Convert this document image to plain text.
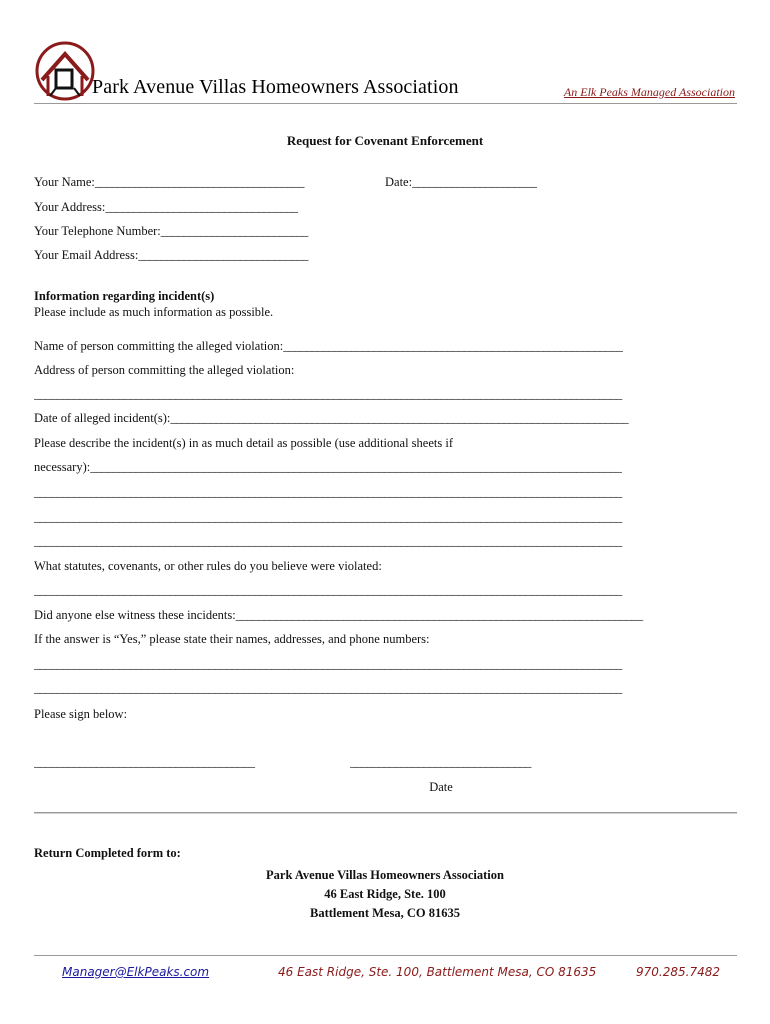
Park Avenue Villas Homeowners Association	An Elk Peaks Managed Association
Request for Covenant Enforcement
Your Name:_____________________________________	Date:______________________
Your Address:__________________________________
Your Telephone Number:__________________________
Your Email Address:______________________________
Information regarding incident(s)
Please include as much information as possible.
Name of person committing the alleged violation:____________________________________________________________
Address of person committing the alleged violation:
________________________________________________________________________________________________________
Date of alleged incident(s):_________________________________________________________________________________
Please describe the incident(s) in as much detail as possible (use additional sheets if
necessary):______________________________________________________________________________________________
________________________________________________________________________________________________________
________________________________________________________________________________________________________
________________________________________________________________________________________________________
What statutes, covenants, or other rules do you believe were violated:
________________________________________________________________________________________________________
Did anyone else witness these incidents:________________________________________________________________________
If the answer is “Yes,” please state their names, addresses, and phone numbers:
________________________________________________________________________________________________________
________________________________________________________________________________________________________
Please sign below:
_______________________________________	________________________________
Date
Return Completed form to:
Park Avenue Villas Homeowners Association
46 East Ridge, Ste. 100
Battlement Mesa, CO 81635
Manager@ElkPeaks.com	46 East Ridge, Ste. 100, Battlement Mesa, CO 81635	970.285.7482
